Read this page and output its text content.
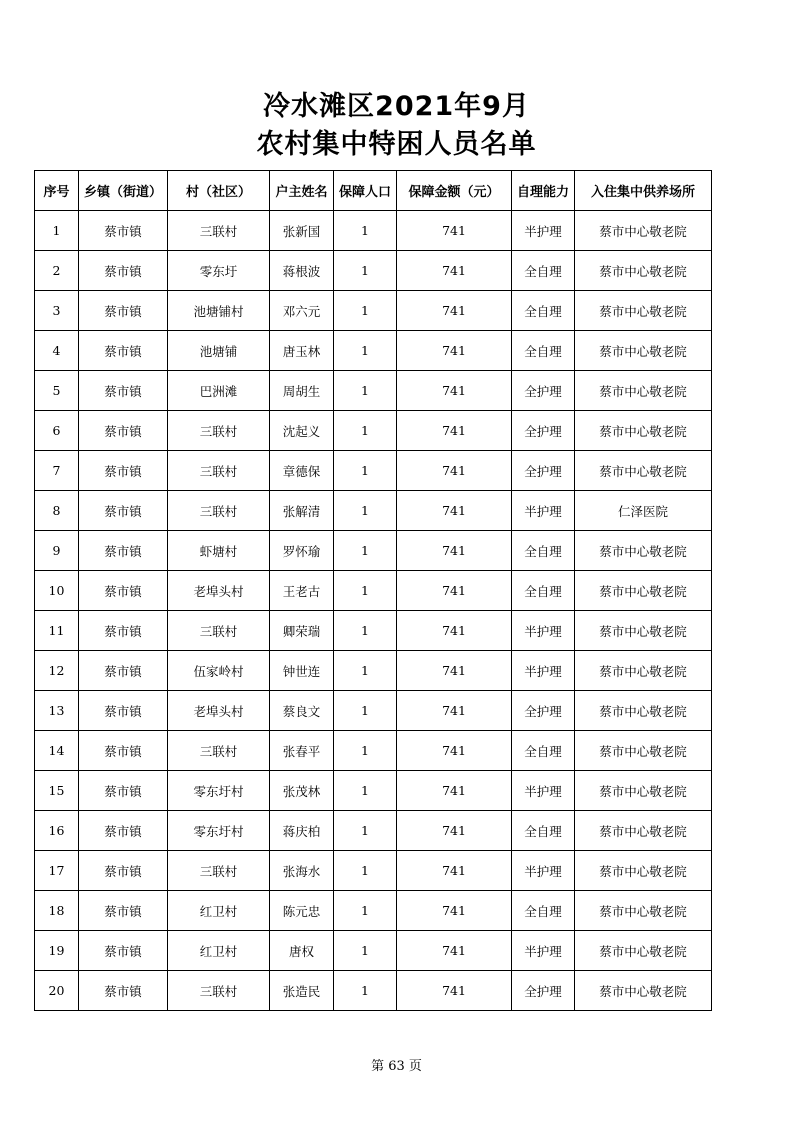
冷水滩区2021年9月
农村集中特困人员名单
序号	乡镇（街道）	村（社区）	户主姓名	保障人口	保障金额（元）	自理能力	入住集中供养场所
1	蔡市镇	三联村	张新国	1	741	半护理	蔡市中心敬老院
2	蔡市镇	零东圩	蒋根波	1	741	全自理	蔡市中心敬老院
3	蔡市镇	池塘铺村	邓六元	1	741	全自理	蔡市中心敬老院
4	蔡市镇	池塘铺	唐玉林	1	741	全自理	蔡市中心敬老院
5	蔡市镇	巴洲滩	周胡生	1	741	全护理	蔡市中心敬老院
6	蔡市镇	三联村	沈起义	1	741	全护理	蔡市中心敬老院
7	蔡市镇	三联村	章德保	1	741	全护理	蔡市中心敬老院
8	蔡市镇	三联村	张解清	1	741	半护理	仁泽医院
9	蔡市镇	虾塘村	罗怀瑜	1	741	全自理	蔡市中心敬老院
10	蔡市镇	老埠头村	王老古	1	741	全自理	蔡市中心敬老院
11	蔡市镇	三联村	卿荣瑞	1	741	半护理	蔡市中心敬老院
12	蔡市镇	伍家岭村	钟世连	1	741	半护理	蔡市中心敬老院
13	蔡市镇	老埠头村	蔡良文	1	741	全护理	蔡市中心敬老院
14	蔡市镇	三联村	张春平	1	741	全自理	蔡市中心敬老院
15	蔡市镇	零东圩村	张茂林	1	741	半护理	蔡市中心敬老院
16	蔡市镇	零东圩村	蒋庆柏	1	741	全自理	蔡市中心敬老院
17	蔡市镇	三联村	张海水	1	741	半护理	蔡市中心敬老院
18	蔡市镇	红卫村	陈元忠	1	741	全自理	蔡市中心敬老院
19	蔡市镇	红卫村	唐权	1	741	半护理	蔡市中心敬老院
20	蔡市镇	三联村	张造民	1	741	全护理	蔡市中心敬老院
第 63 页
